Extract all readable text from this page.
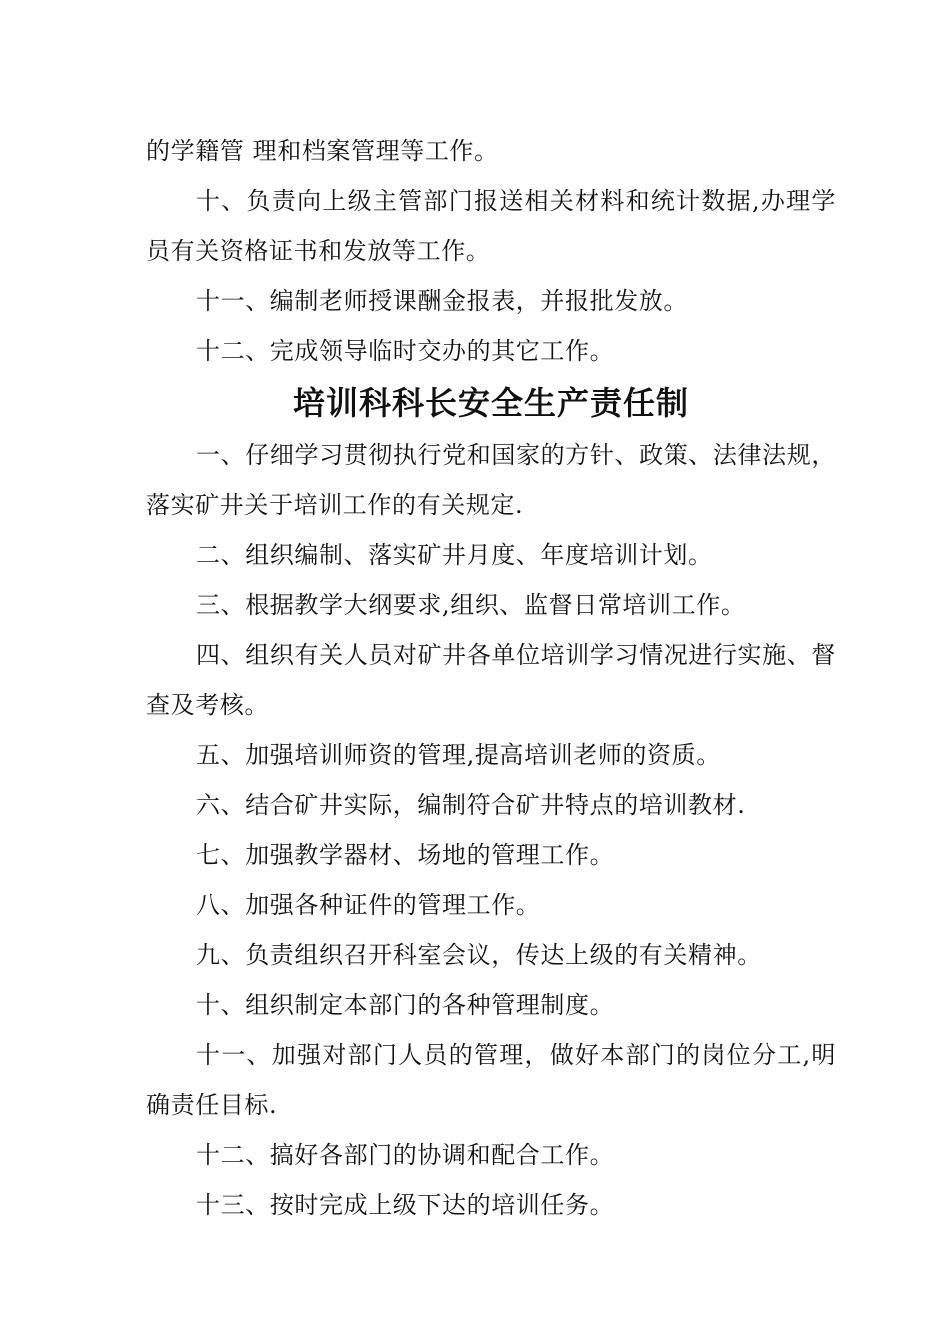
的学籍管 理和档案管理等工作。

十、负责向上级主管部门报送相关材料和统计数据,办理学员有关资格证书和发放等工作。

十一、编制老师授课酬金报表，并报批发放。

十二、完成领导临时交办的其它工作。

培训科科长安全生产责任制

一、仔细学习贯彻执行党和国家的方针、政策、法律法规，落实矿井关于培训工作的有关规定.

二、组织编制、落实矿井月度、年度培训计划。

三、根据教学大纲要求,组织、监督日常培训工作。

四、组织有关人员对矿井各单位培训学习情况进行实施、督查及考核。

五、加强培训师资的管理,提高培训老师的资质。

六、结合矿井实际，编制符合矿井特点的培训教材.

七、加强教学器材、场地的管理工作。

八、加强各种证件的管理工作。

九、负责组织召开科室会议，传达上级的有关精神。

十、组织制定本部门的各种管理制度。

十一、加强对部门人员的管理，做好本部门的岗位分工,明确责任目标.

十二、搞好各部门的协调和配合工作。

十三、按时完成上级下达的培训任务。
